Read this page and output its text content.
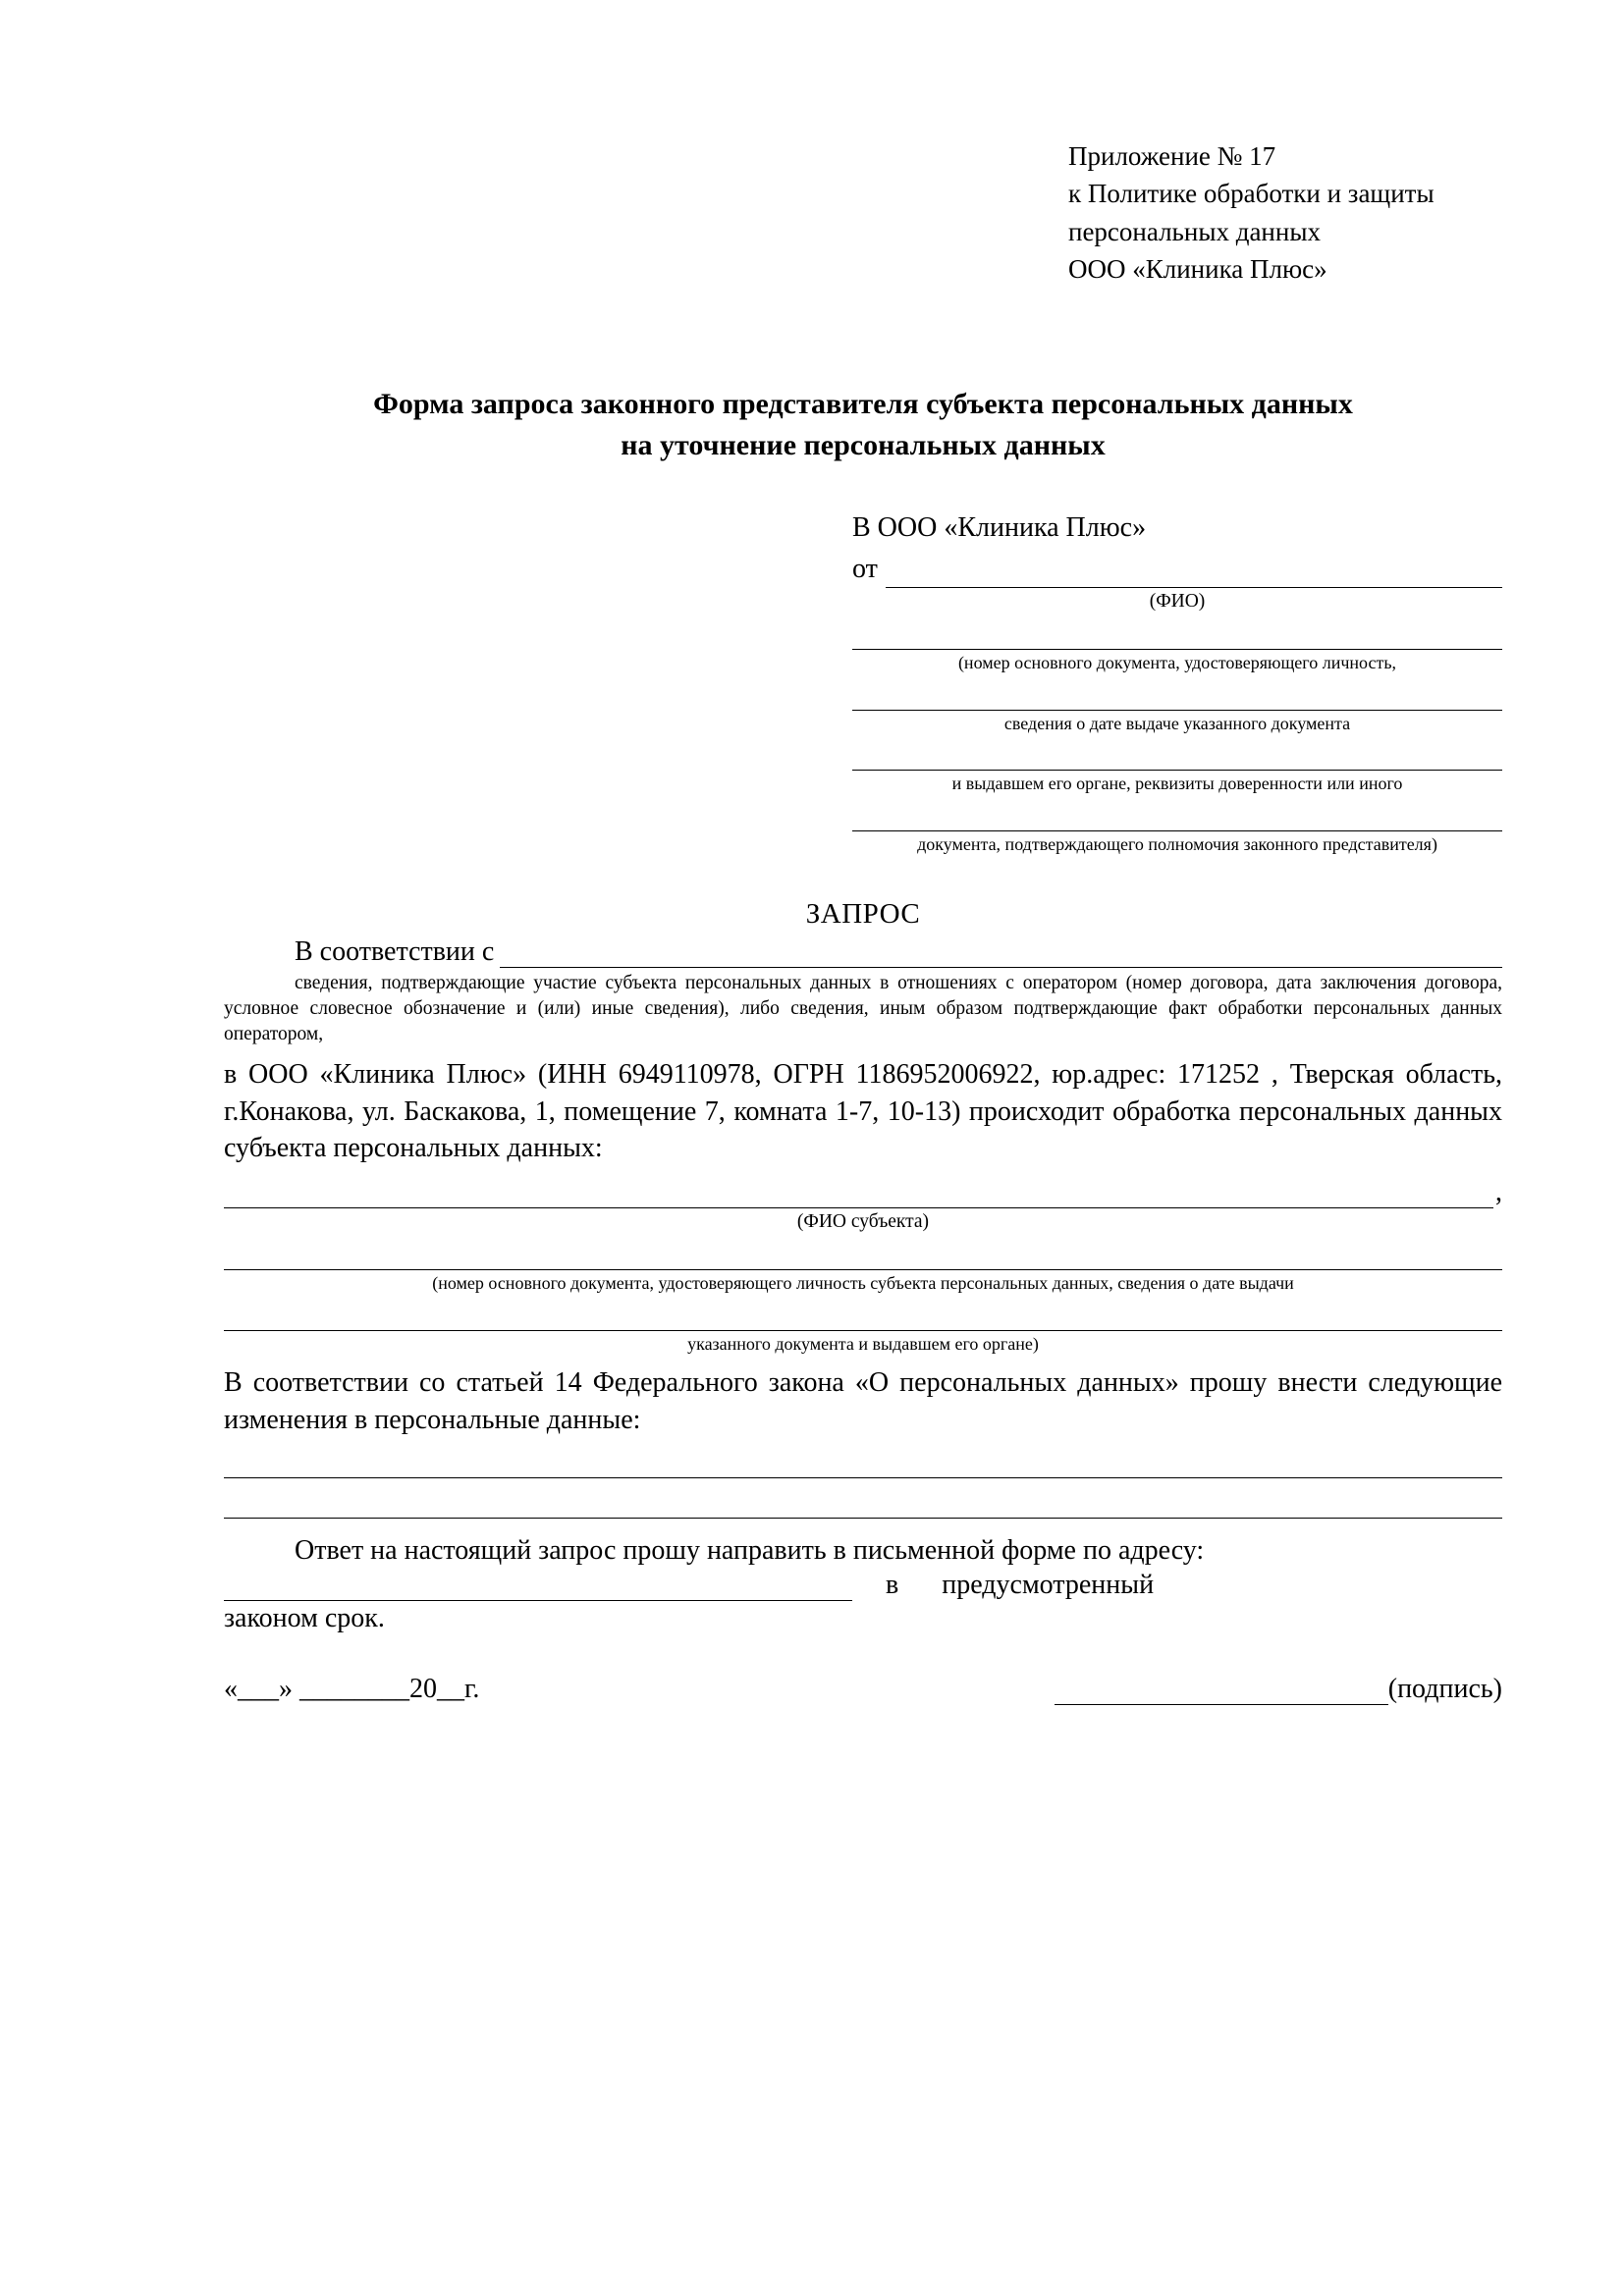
Приложение № 17
к Политике обработки и защиты
персональных данных
ООО «Клиника Плюс»
Форма запроса законного представителя субъекта персональных данных
на уточнение персональных данных
В ООО «Клиника Плюс»
от
(ФИО)
(номер основного документа, удостоверяющего личность,
сведения о дате выдаче указанного документа
и выдавшем его органе, реквизиты доверенности или иного
документа, подтверждающего полномочия законного представителя)
ЗАПРОС
В соответствии с
сведения, подтверждающие участие субъекта персональных данных в отношениях с оператором (номер договора, дата заключения договора, условное словесное обозначение и (или) иные сведения), либо сведения, иным образом подтверждающие факт обработки персональных данных оператором,
в ООО «Клиника Плюс» (ИНН 6949110978, ОГРН 1186952006922, юр.адрес: 171252 , Тверская область, г.Конакова, ул. Баскакова, 1, помещение 7, комната 1-7, 10-13) происходит обработка персональных данных субъекта персональных данных:
,
(ФИО субъекта)
(номер основного документа, удостоверяющего личность субъекта персональных данных, сведения о дате выдачи
указанного документа и выдавшем его органе)
В соответствии со статьей 14 Федерального закона «О персональных данных» прошу внести следующие изменения в персональные данные:
Ответ на настоящий запрос прошу направить в письменной форме по адресу:
в	предусмотренный
законом срок.
«___» ________20__г.	(подпись)
